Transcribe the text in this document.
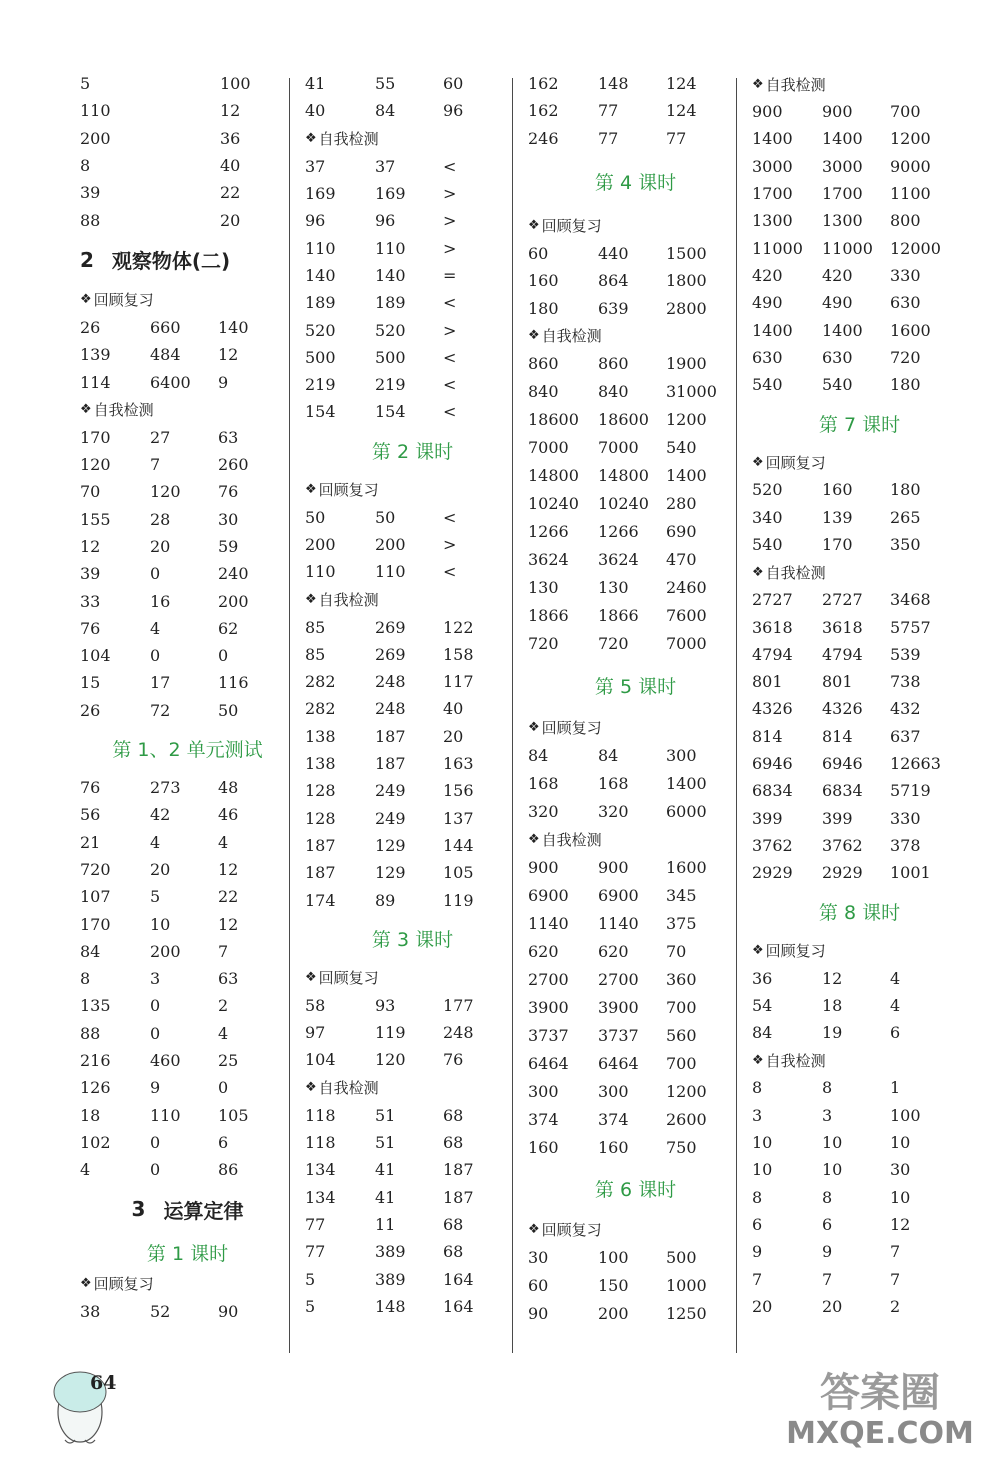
5	100
110	12
200	36
8	40
39	22
88	20
2 观察物体(二)
❖ 回顾复习
26	660	140
139	484	12
114	6400	9
❖ 自我检测
170	27	63
120	7	260
70	120	76
155	28	30
12	20	59
39	0	240
33	16	200
76	4	62
104	0	0
15	17	116
26	72	50
第 1、2 单元测试
76	273	48
56	42	46
21	4	4
720	20	12
107	5	22
170	10	12
84	200	7
8	3	63
135	0	2
88	0	4
216	460	25
126	9	0
18	110	105
102	0	6
4	0	86
3 运算定律
第 1 课时
❖ 回顾复习
38	52	90
41	55	60
40	84	96
❖ 自我检测
37	37	<
169	169	>
96	96	>
110	110	>
140	140	=
189	189	<
520	520	>
500	500	<
219	219	<
154	154	<
第 2 课时
❖ 回顾复习
50	50	<
200	200	>
110	110	<
❖ 自我检测
85	269	122
85	269	158
282	248	117
282	248	40
138	187	20
138	187	163
128	249	156
128	249	137
187	129	144
187	129	105
174	89	119
第 3 课时
❖ 回顾复习
58	93	177
97	119	248
104	120	76
❖ 自我检测
118	51	68
118	51	68
134	41	187
134	41	187
77	11	68
77	389	68
5	389	164
5	148	164
162	148	124
162	77	124
246	77	77
第 4 课时
❖ 回顾复习
60	440	1500
160	864	1800
180	639	2800
❖ 自我检测
860	860	1900
840	840	31000
18600	18600	1200
7000	7000	540
14800	14800	1400
10240	10240	280
1266	1266	690
3624	3624	470
130	130	2460
1866	1866	7600
720	720	7000
第 5 课时
❖ 回顾复习
84	84	300
168	168	1400
320	320	6000
❖ 自我检测
900	900	1600
6900	6900	345
1140	1140	375
620	620	70
2700	2700	360
3900	3900	700
3737	3737	560
6464	6464	700
300	300	1200
374	374	2600
160	160	750
第 6 课时
❖ 回顾复习
30	100	500
60	150	1000
90	200	1250
❖ 自我检测
900	900	700
1400	1400	1200
3000	3000	9000
1700	1700	1100
1300	1300	800
11000	11000	12000
420	420	330
490	490	630
1400	1400	1600
630	630	720
540	540	180
第 7 课时
❖ 回顾复习
520	160	180
340	139	265
540	170	350
❖ 自我检测
2727	2727	3468
3618	3618	5757
4794	4794	539
801	801	738
4326	4326	432
814	814	637
6946	6946	12663
6834	6834	5719
399	399	330
3762	3762	378
2929	2929	1001
第 8 课时
❖ 回顾复习
36	12	4
54	18	4
84	19	6
❖ 自我检测
8	8	1
3	3	100
10	10	10
10	10	30
8	8	10
6	6	12
9	9	7
7	7	7
20	20	2
64	答案圈
MXQE.COM
